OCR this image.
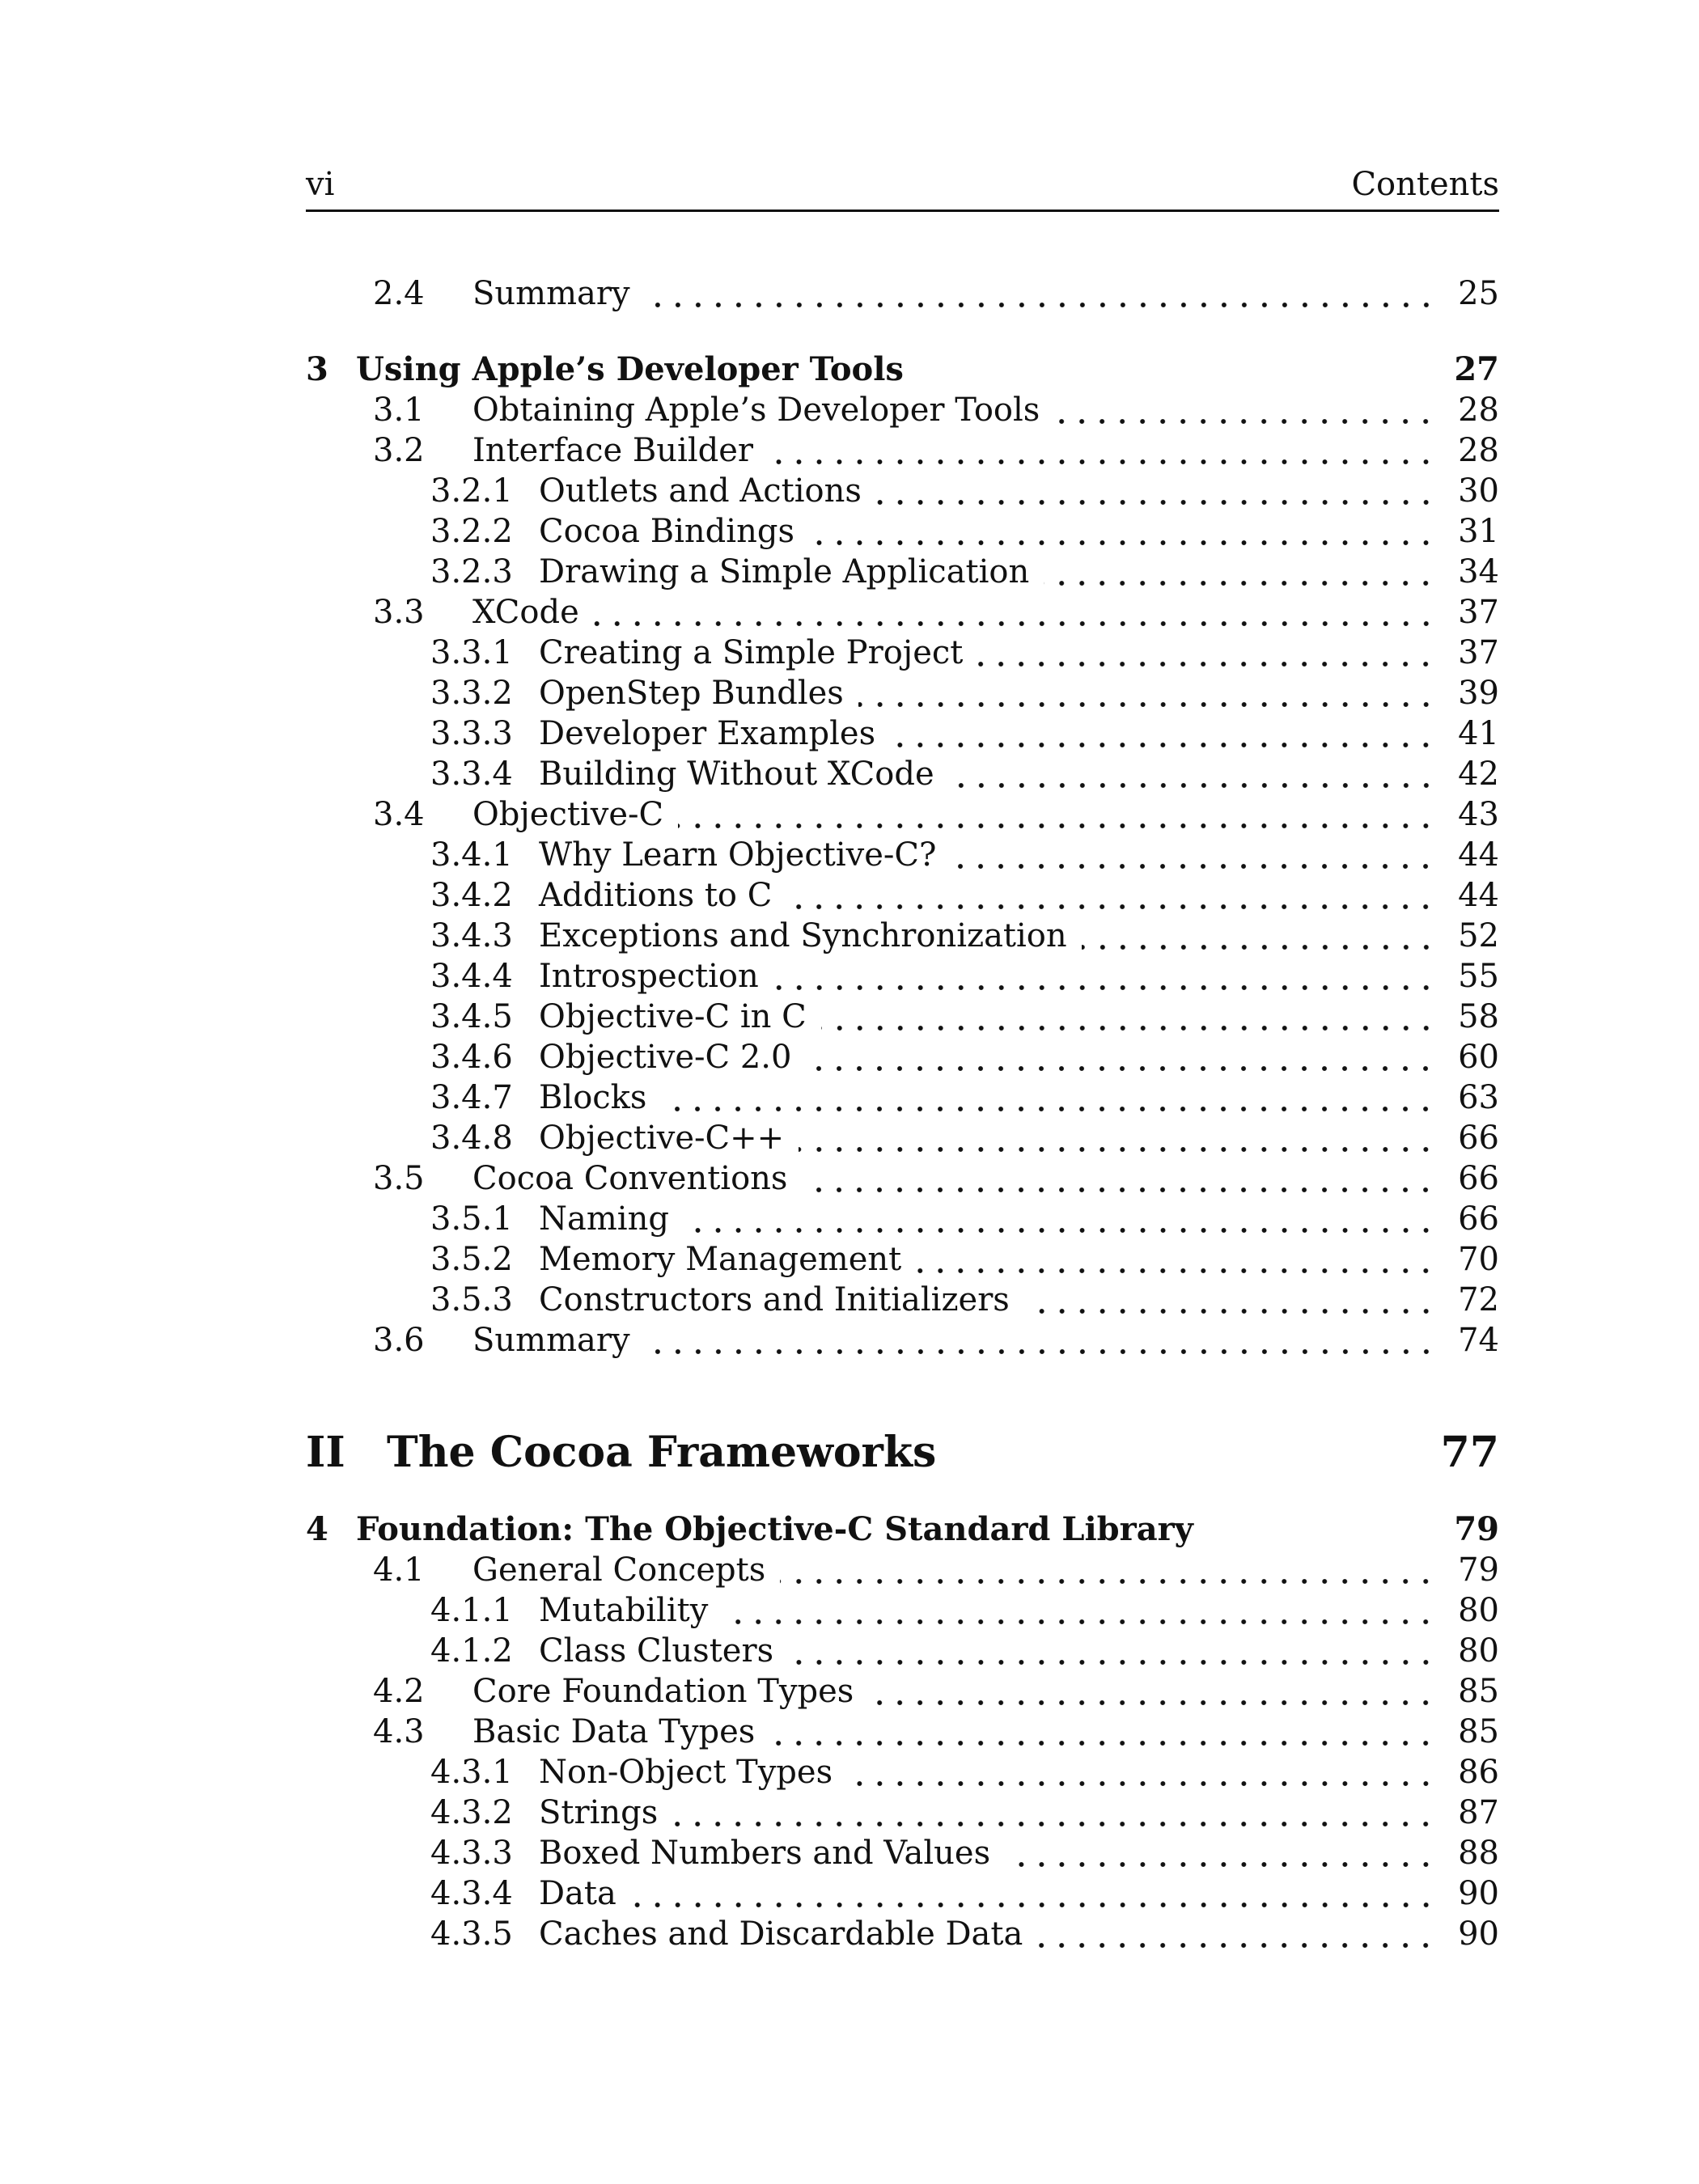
vi	Contents
2.4 Summary	25
3 Using Apple’s Developer Tools	27
3.1 Obtaining Apple’s Developer Tools	28
3.2 Interface Builder	28
3.2.1 Outlets and Actions	30
3.2.2 Cocoa Bindings	31
3.2.3 Drawing a Simple Application	34
3.3 XCode	37
3.3.1 Creating a Simple Project	37
3.3.2 OpenStep Bundles	39
3.3.3 Developer Examples	41
3.3.4 Building Without XCode	42
3.4 Objective-C	43
3.4.1 Why Learn Objective-C?	44
3.4.2 Additions to C	44
3.4.3 Exceptions and Synchronization	52
3.4.4 Introspection	55
3.4.5 Objective-C in C	58
3.4.6 Objective-C 2.0	60
3.4.7 Blocks	63
3.4.8 Objective-C++	66
3.5 Cocoa Conventions	66
3.5.1 Naming	66
3.5.2 Memory Management	70
3.5.3 Constructors and Initializers	72
3.6 Summary	74
II The Cocoa Frameworks	77
4 Foundation: The Objective-C Standard Library	79
4.1 General Concepts	79
4.1.1 Mutability	80
4.1.2 Class Clusters	80
4.2 Core Foundation Types	85
4.3 Basic Data Types	85
4.3.1 Non-Object Types	86
4.3.2 Strings	87
4.3.3 Boxed Numbers and Values	88
4.3.4 Data	90
4.3.5 Caches and Discardable Data	90
